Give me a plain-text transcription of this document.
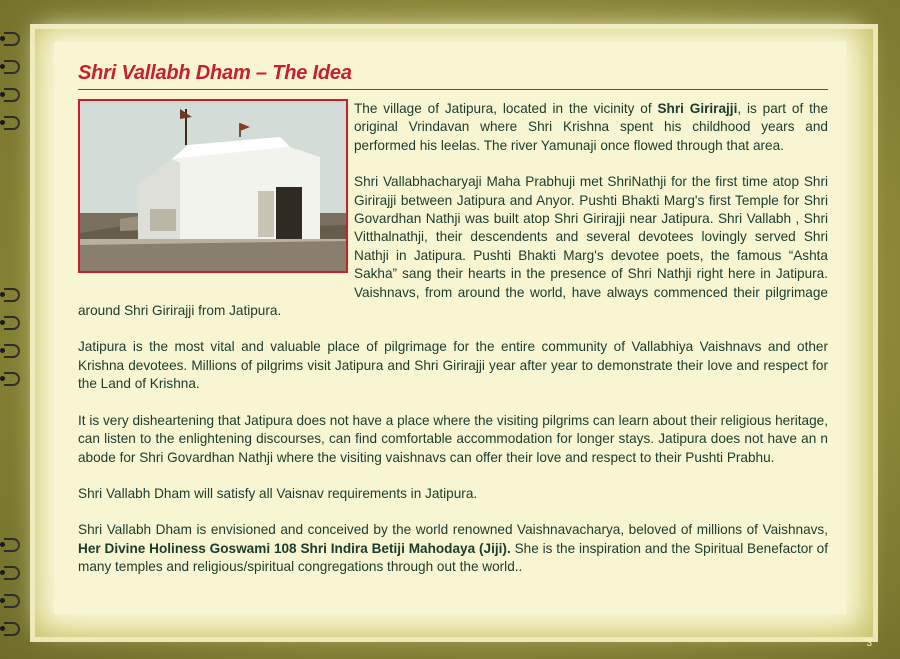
Shri Vallabh Dham – The Idea

The village of Jatipura, located in the vicinity of Shri Girirajji, is part of the original Vrindavan where Shri Krishna spent his childhood years and performed his leelas. The river Yamunaji once flowed through that area.

Shri Vallabhacharyaji Maha Prabhuji met ShriNathji for the first time atop Shri Girirajji between Jatipura and Anyor. Pushti Bhakti Marg's first Temple for Shri Govardhan Nathji was built atop Shri Girirajji near Jatipura. Shri Vallabh , Shri Vitthalnathji, their descendents and several devotees lovingly served Shri Nathji in Jatipura. Pushti Bhakti Marg's devotee poets, the famous “Ashta Sakha” sang their hearts in the presence of Shri Nathji right here in Jatipura. Vaishnavs, from around the world, have always commenced their pilgrimage around Shri Girirajji from Jatipura.

Jatipura is the most vital and valuable place of pilgrimage for the entire community of Vallabhiya Vaishnavs and other Krishna devotees. Millions of pilgrims visit Jatipura and Shri Girirajji year after year to demonstrate their love and respect for the Land of Krishna.

It is very disheartening that Jatipura does not have a place where the visiting pilgrims can learn about their religious heritage, can listen to the enlightening discourses, can find comfortable accommodation for longer stays. Jatipura does not have an n abode for Shri Govardhan Nathji where the visiting vaishnavs can offer their love and respect to their Pushti Prabhu.

Shri Vallabh Dham will satisfy all Vaisnav requirements in Jatipura.

Shri Vallabh Dham is envisioned and conceived by the world renowned Vaishnavacharya, beloved of millions of Vaishnavs, Her Divine Holiness Goswami 108 Shri Indira Betiji Mahodaya (Jiji). She is the inspiration and the Spiritual Benefactor of many temples and religious/spiritual congregations through out the world..

3
